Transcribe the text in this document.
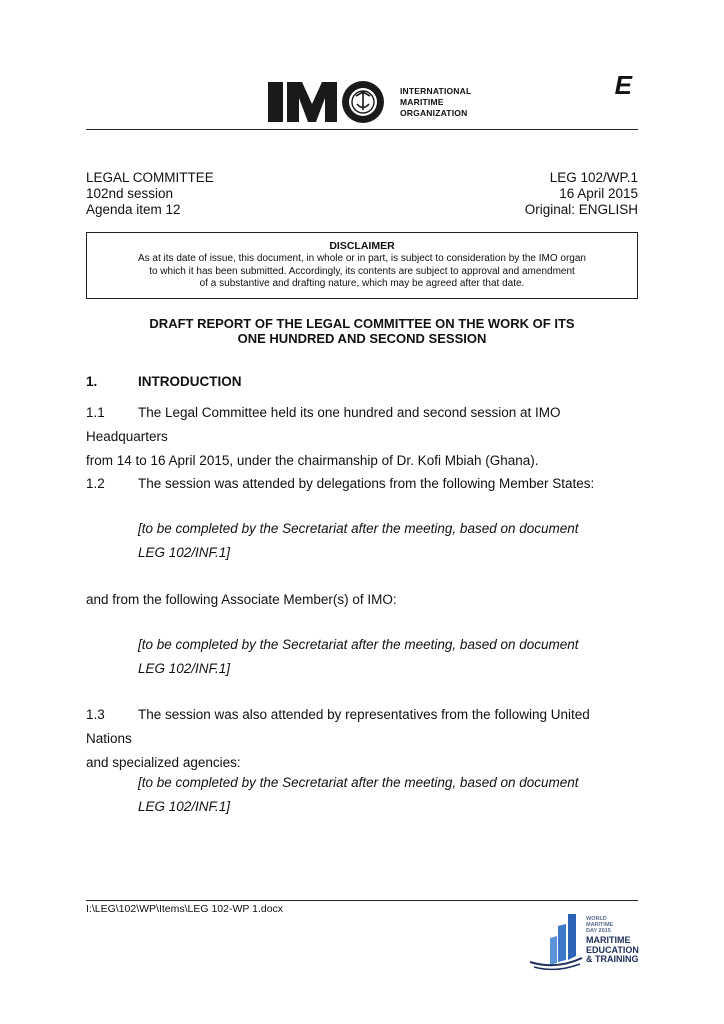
INTERNATIONAL
MARITIME
ORGANIZATION
E
LEGAL COMMITTEE
102nd session
Agenda item 12
LEG 102/WP.1
16 April 2015
Original: ENGLISH
DISCLAIMER
As at its date of issue, this document, in whole or in part, is subject to consideration by the IMO organ
to which it has been submitted. Accordingly, its contents are subject to approval and amendment
of a substantive and drafting nature, which may be agreed after that date.
DRAFT REPORT OF THE LEGAL COMMITTEE ON THE WORK OF ITS
ONE HUNDRED AND SECOND SESSION
1.	INTRODUCTION
1.1 The Legal Committee held its one hundred and second session at IMO Headquarters
from 14 to 16 April 2015, under the chairmanship of Dr. Kofi Mbiah (Ghana).
1.2 The session was attended by delegations from the following Member States:
[to be completed by the Secretariat after the meeting, based on document
LEG 102/INF.1]
and from the following Associate Member(s) of IMO:
[to be completed by the Secretariat after the meeting, based on document
LEG 102/INF.1]
1.3 The session was also attended by representatives from the following United Nations
and specialized agencies:
[to be completed by the Secretariat after the meeting, based on document
LEG 102/INF.1]
I:\LEG\102\WP\Items\LEG 102-WP 1.docx
WORLD
MARITIME
DAY 2015
MARITIME
EDUCATION
& TRAINING
